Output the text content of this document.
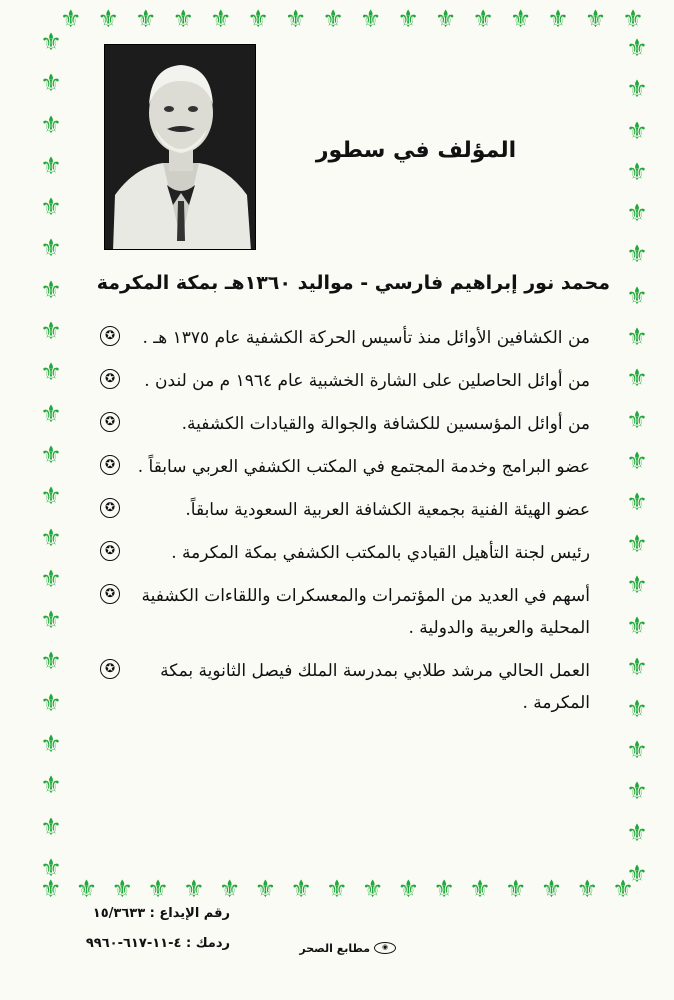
⚜ ⚜ ⚜ ⚜ ⚜ ⚜ ⚜ ⚜ ⚜ ⚜ ⚜ ⚜ ⚜ ⚜ ⚜ ⚜
⚜ ⚜ ⚜ ⚜ ⚜ ⚜ ⚜ ⚜ ⚜ ⚜ ⚜ ⚜ ⚜ ⚜ ⚜ ⚜ ⚜
⚜
⚜
⚜
⚜
⚜
⚜
⚜
⚜
⚜
⚜
⚜
⚜
⚜
⚜
⚜
⚜
⚜
⚜
⚜
⚜
⚜
⚜
⚜
⚜
⚜
⚜
⚜
⚜
⚜
⚜
⚜
⚜
⚜
⚜
⚜
⚜
⚜
⚜
⚜
⚜
⚜
⚜
المؤلف في سطور
محمد نور إبراهيم فارسي - مواليد ١٣٦٠هـ بمكة المكرمة
✪ من الكشافين الأوائل منذ تأسيس الحركة الكشفية عام ١٣٧٥ هـ .
✪ من أوائل الحاصلين على الشارة الخشبية عام ١٩٦٤ م من لندن .
✪	من أوائل المؤسسين للكشافة والجوالة والقيادات الكشفية.
✪ عضو البرامج وخدمة المجتمع في المكتب الكشفي العربي سابقاً .
✪	عضو الهيئة الفنية بجمعية الكشافة العربية السعودية سابقاً.
✪	رئيس لجنة التأهيل القيادي بالمكتب الكشفي بمكة المكرمة .
✪ أسهم في العديد من المؤتمرات والمعسكرات واللقاءات الكشفية المحلية والعربية والدولية .
✪	العمل الحالي مرشد طلابي بمدرسة الملك فيصل الثانوية بمكة المكرمة .
رقم الإيداع : ١٥/٣٦٣٣
ردمك : ٤-١١-٦١٧-٩٩٦٠	◉
مطابع الصحر
